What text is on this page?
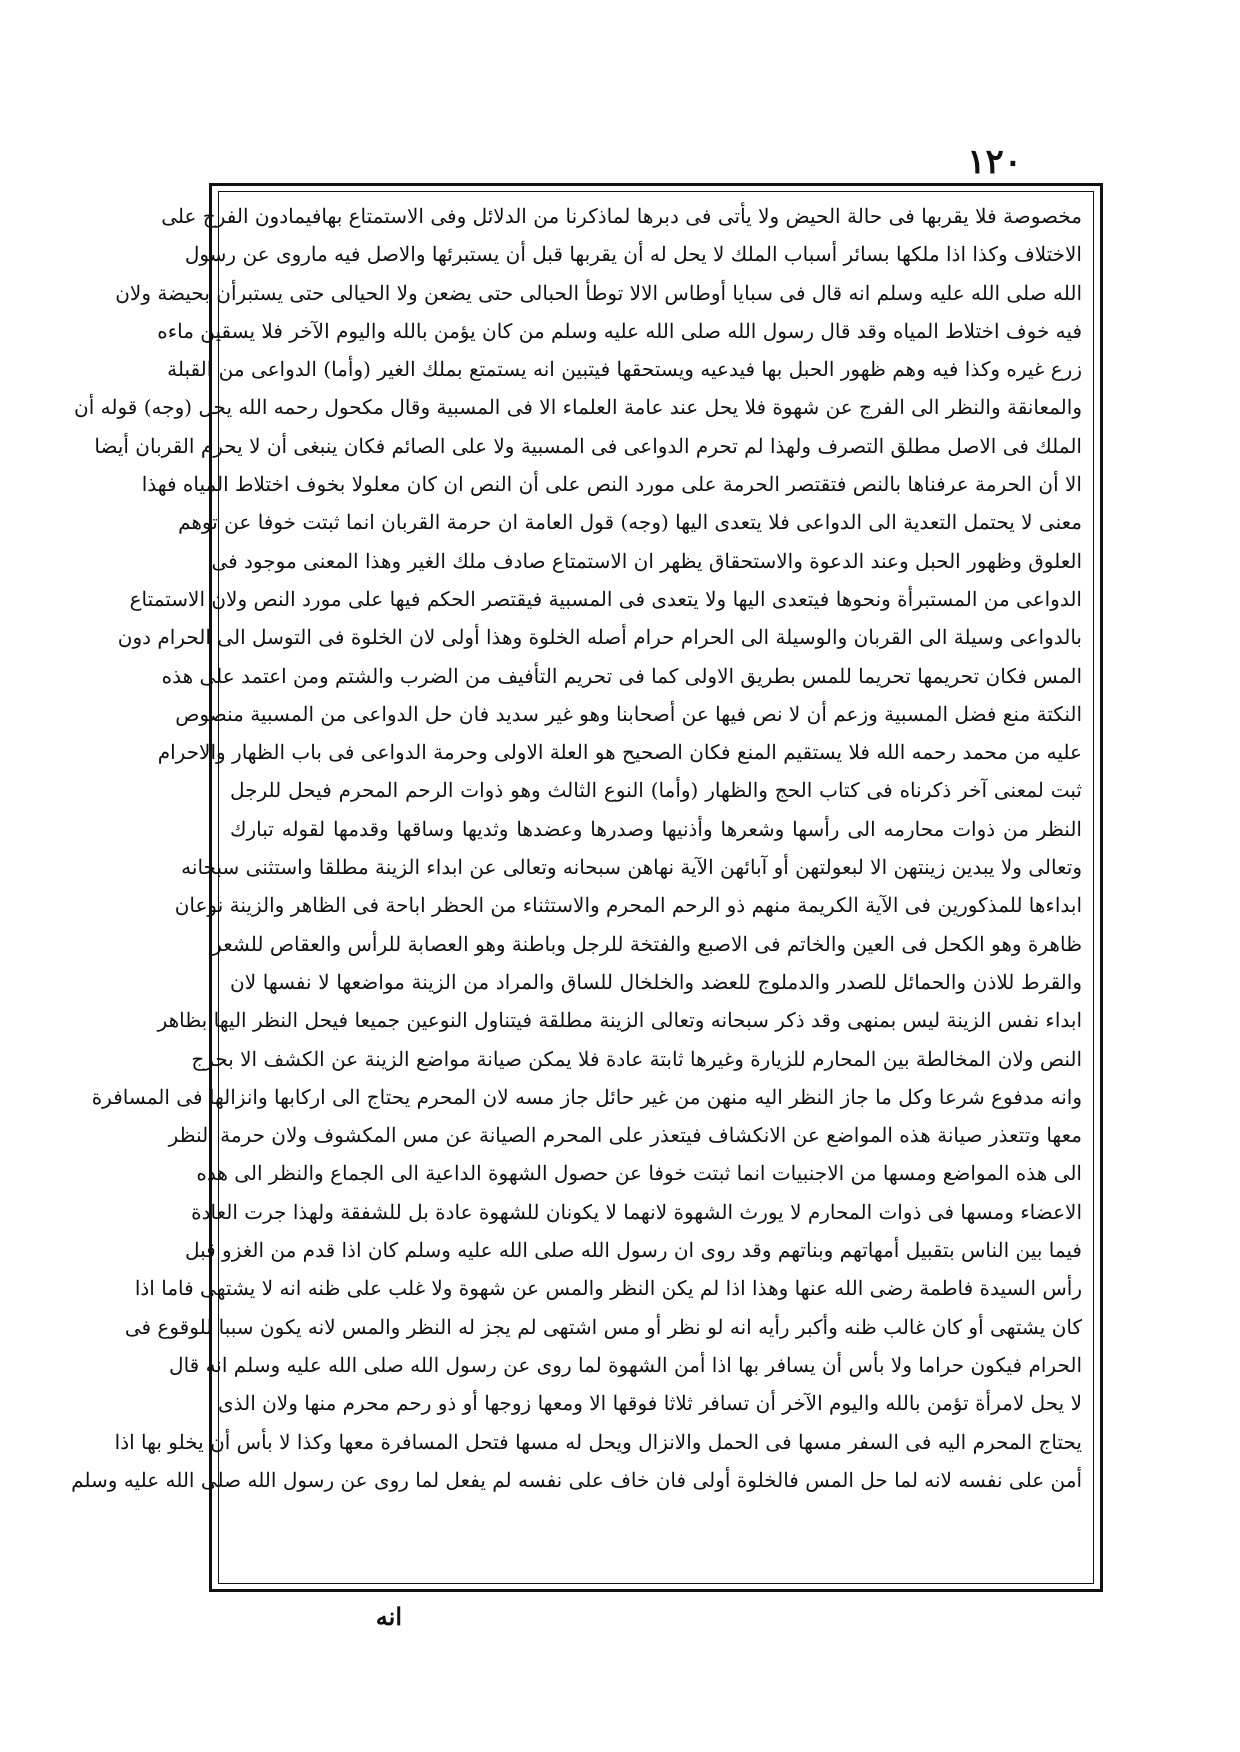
١٢٠
مخصوصة فلا يقربها فى حالة الحيض ولا يأتى فى دبرها لماذكرنا من الدلائل وفى الاستمتاع بهافيمادون الفرج على
الاختلاف وكذا اذا ملكها بسائر أسباب الملك لا يحل له أن يقربها قبل أن يستبرئها والاصل فيه ماروى عن رسول
الله صلى الله عليه وسلم انه قال فى سبايا أوطاس الالا توطأ الحبالى حتى يضعن ولا الحيالى حتى يستبرأن بحيضة ولان
فيه خوف اختلاط المياه وقد قال رسول الله صلى الله عليه وسلم من كان يؤمن بالله واليوم الآخر فلا يسقين ماءه
زرع غيره وكذا فيه وهم ظهور الحبل بها فيدعيه ويستحقها فيتبين انه يستمتع بملك الغير (وأما) الدواعى من القبلة
والمعانقة والنظر الى الفرج عن شهوة فلا يحل عند عامة العلماء الا فى المسبية وقال مكحول رحمه الله يحل (وجه) قوله أن
الملك فى الاصل مطلق التصرف ولهذا لم تحرم الدواعى فى المسبية ولا على الصائم فكان ينبغى أن لا يحرم القربان أيضا
الا أن الحرمة عرفناها بالنص فتقتصر الحرمة على مورد النص على أن النص ان كان معلولا بخوف اختلاط المياه فهذا
معنى لا يحتمل التعدية الى الدواعى فلا يتعدى اليها (وجه) قول العامة ان حرمة القربان انما ثبتت خوفا عن توهم
العلوق وظهور الحبل وعند الدعوة والاستحقاق يظهر ان الاستمتاع صادف ملك الغير وهذا المعنى موجود فى
الدواعى من المستبرأة ونحوها فيتعدى اليها ولا يتعدى فى المسبية فيقتصر الحكم فيها على مورد النص ولان الاستمتاع
بالدواعى وسيلة الى القربان والوسيلة الى الحرام حرام أصله الخلوة وهذا أولى لان الخلوة فى التوسل الى الحرام دون
المس فكان تحريمها تحريما للمس بطريق الاولى كما فى تحريم التأفيف من الضرب والشتم ومن اعتمد على هذه
النكتة منع فضل المسبية وزعم أن لا نص فيها عن أصحابنا وهو غير سديد فان حل الدواعى من المسبية منصوص
عليه من محمد رحمه الله فلا يستقيم المنع فكان الصحيح هو العلة الاولى وحرمة الدواعى فى باب الظهار والاحرام
ثبت لمعنى آخر ذكرناه فى كتاب الحج والظهار (وأما) النوع الثالث وهو ذوات الرحم المحرم فيحل للرجل
النظر من ذوات محارمه الى رأسها وشعرها وأذنيها وصدرها وعضدها وثديها وساقها وقدمها لقوله تبارك
وتعالى ولا يبدين زينتهن الا لبعولتهن أو آبائهن الآية نهاهن سبحانه وتعالى عن ابداء الزينة مطلقا واستثنى سبحانه
ابداءها للمذكورين فى الآية الكريمة منهم ذو الرحم المحرم والاستثناء من الحظر اباحة فى الظاهر والزينة نوعان
ظاهرة وهو الكحل فى العين والخاتم فى الاصبع والفتخة للرجل وباطنة وهو العصابة للرأس والعقاص للشعر
والقرط للاذن والحمائل للصدر والدملوج للعضد والخلخال للساق والمراد من الزينة مواضعها لا نفسها لان
ابداء نفس الزينة ليس بمنهى وقد ذكر سبحانه وتعالى الزينة مطلقة فيتناول النوعين جميعا فيحل النظر اليها بظاهر
النص ولان المخالطة بين المحارم للزيارة وغيرها ثابتة عادة فلا يمكن صيانة مواضع الزينة عن الكشف الا بحرج
وانه مدفوع شرعا وكل ما جاز النظر اليه منهن من غير حائل جاز مسه لان المحرم يحتاج الى اركابها وانزالها فى المسافرة
معها وتتعذر صيانة هذه المواضع عن الانكشاف فيتعذر على المحرم الصيانة عن مس المكشوف ولان حرمة النظر
الى هذه المواضع ومسها من الاجنبيات انما ثبتت خوفا عن حصول الشهوة الداعية الى الجماع والنظر الى هذه
الاعضاء ومسها فى ذوات المحارم لا يورث الشهوة لانهما لا يكونان للشهوة عادة بل للشفقة ولهذا جرت العادة
فيما بين الناس بتقبيل أمهاتهم وبناتهم وقد روى ان رسول الله صلى الله عليه وسلم كان اذا قدم من الغزو قبل
رأس السيدة فاطمة رضى الله عنها وهذا اذا لم يكن النظر والمس عن شهوة ولا غلب على ظنه انه لا يشتهى فاما اذا
كان يشتهى أو كان غالب ظنه وأكبر رأيه انه لو نظر أو مس اشتهى لم يجز له النظر والمس لانه يكون سببا للوقوع فى
الحرام فيكون حراما ولا بأس أن يسافر بها اذا أمن الشهوة لما روى عن رسول الله صلى الله عليه وسلم انه قال
لا يحل لامرأة تؤمن بالله واليوم الآخر أن تسافر ثلاثا فوقها الا ومعها زوجها أو ذو رحم محرم منها ولان الذى
يحتاج المحرم اليه فى السفر مسها فى الحمل والانزال ويحل له مسها فتحل المسافرة معها وكذا لا بأس أن يخلو بها اذا
أمن على نفسه لانه لما حل المس فالخلوة أولى فان خاف على نفسه لم يفعل لما روى عن رسول الله صلى الله عليه وسلم
انه
